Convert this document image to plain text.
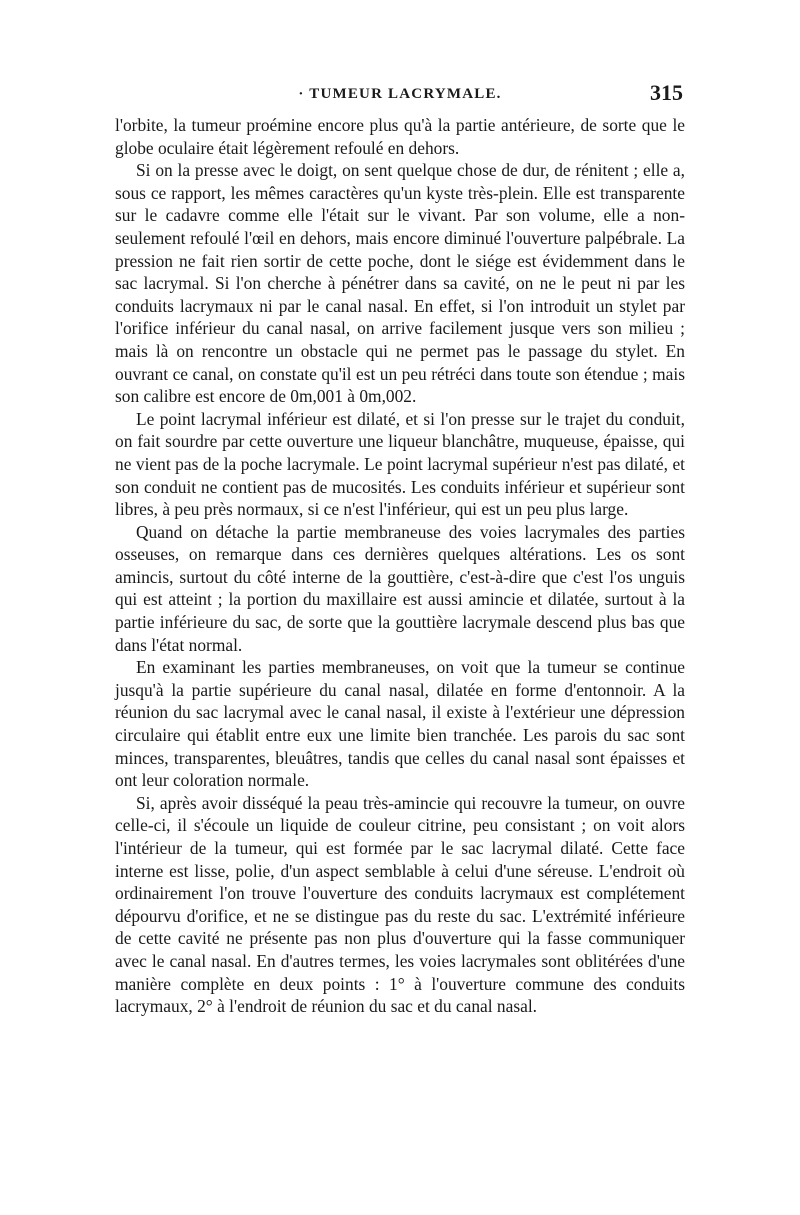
· TUMEUR LACRYMALE.	315

l'orbite, la tumeur proémine encore plus qu'à la partie antérieure, de sorte que le globe oculaire était légèrement refoulé en dehors.

Si on la presse avec le doigt, on sent quelque chose de dur, de rénitent ; elle a, sous ce rapport, les mêmes caractères qu'un kyste très-plein. Elle est transparente sur le cadavre comme elle l'était sur le vivant. Par son volume, elle a non-seulement refoulé l'œil en dehors, mais encore diminué l'ouverture palpébrale. La pression ne fait rien sortir de cette poche, dont le siége est évidemment dans le sac lacrymal. Si l'on cherche à pénétrer dans sa cavité, on ne le peut ni par les conduits lacrymaux ni par le canal nasal. En effet, si l'on introduit un stylet par l'orifice inférieur du canal nasal, on arrive facilement jusque vers son milieu ; mais là on rencontre un obstacle qui ne permet pas le passage du stylet. En ouvrant ce canal, on constate qu'il est un peu rétréci dans toute son étendue ; mais son calibre est encore de 0m,001 à 0m,002.

Le point lacrymal inférieur est dilaté, et si l'on presse sur le trajet du conduit, on fait sourdre par cette ouverture une liqueur blanchâtre, muqueuse, épaisse, qui ne vient pas de la poche lacrymale. Le point lacrymal supérieur n'est pas dilaté, et son conduit ne contient pas de mucosités. Les conduits inférieur et supérieur sont libres, à peu près normaux, si ce n'est l'inférieur, qui est un peu plus large.

Quand on détache la partie membraneuse des voies lacrymales des parties osseuses, on remarque dans ces dernières quelques altérations. Les os sont amincis, surtout du côté interne de la gouttière, c'est-à-dire que c'est l'os unguis qui est atteint ; la portion du maxillaire est aussi amincie et dilatée, surtout à la partie inférieure du sac, de sorte que la gouttière lacrymale descend plus bas que dans l'état normal.

En examinant les parties membraneuses, on voit que la tumeur se continue jusqu'à la partie supérieure du canal nasal, dilatée en forme d'entonnoir. A la réunion du sac lacrymal avec le canal nasal, il existe à l'extérieur une dépression circulaire qui établit entre eux une limite bien tranchée. Les parois du sac sont minces, transparentes, bleuâtres, tandis que celles du canal nasal sont épaisses et ont leur coloration normale.

Si, après avoir disséqué la peau très-amincie qui recouvre la tumeur, on ouvre celle-ci, il s'écoule un liquide de couleur citrine, peu consistant ; on voit alors l'intérieur de la tumeur, qui est formée par le sac lacrymal dilaté. Cette face interne est lisse, polie, d'un aspect semblable à celui d'une séreuse. L'endroit où ordinairement l'on trouve l'ouverture des conduits lacrymaux est complétement dépourvu d'orifice, et ne se distingue pas du reste du sac. L'extrémité inférieure de cette cavité ne présente pas non plus d'ouverture qui la fasse communiquer avec le canal nasal. En d'autres termes, les voies lacrymales sont oblitérées d'une manière complète en deux points : 1° à l'ouverture commune des conduits lacrymaux, 2° à l'endroit de réunion du sac et du canal nasal.
